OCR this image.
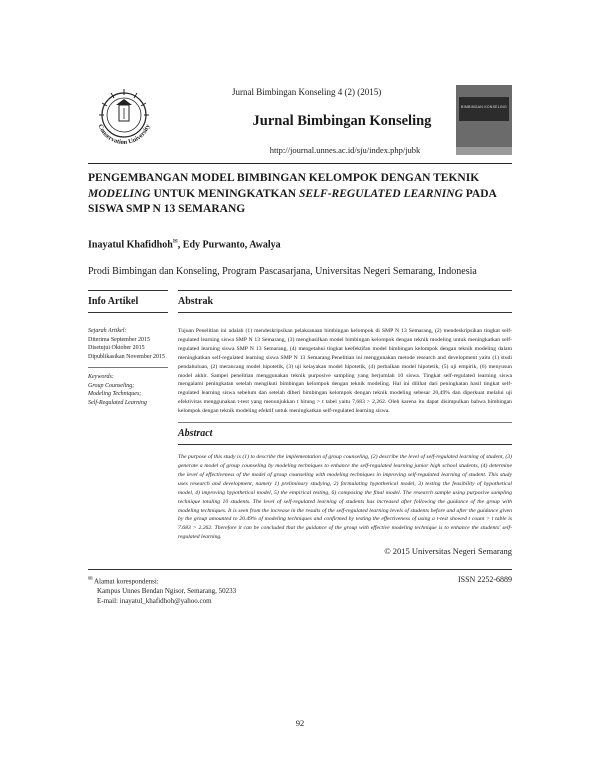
Conservation University
Jurnal Bimbingan Konseling 4 (2) (2015)
Jurnal Bimbingan Konseling
http://journal.unnes.ac.id/sju/index.php/jubk
BIMBINGAN KONSELING
PENGEMBANGAN MODEL BIMBINGAN KELOMPOK DENGAN TEKNIK MODELING UNTUK MENINGKATKAN SELF-REGULATED LEARNING PADA SISWA SMP N 13 SEMARANG
Inayatul Khafidhoh✉, Edy Purwanto, Awalya
Prodi Bimbingan dan Konseling, Program Pascasarjana, Universitas Negeri Semarang, Indonesia
Info Artikel
Sejarah Artikel:
Diterima September 2015
Disetujui Oktober 2015
Dipublikasikan November 2015
Keywords:
Group Counseling;
Modeling Techniques;
Self-Regulated Learning
Abstrak
Tujuan Penelitian ini adalah (1) mendeskripsikan pelaksanaan bimbingan kelompok di SMP N 13 Semarang, (2) mendeskripsikan tingkat self-regulated learning siswa SMP N 13 Semarang, (3) menghasilkan model bimbingan kelompok dengan teknik modeling untuk meningkatkan self-regulated learning siswa SMP N 13 Semarang, (4) mengetahui tingkat keefektifan model bimbingan kelompok dengan teknik modeling dalam meningkatkan self-regulated learning siswa SMP N 13 Semarang.Penelitian ini menggunakan metode research and development yaitu (1) studi pendahuluan, (2) merancang model hipotetik, (3) uji kelayakan model hipotetik, (4) perbaikan model hipotetik, (5) uji empirik, (6) menyusun model akhir. Sampel penelitian menggunakan teknik purposive sampling yang berjumlah 10 siswa. Tingkat self-regulated learning siswa mengalami peningkatan setelah mengikuti bimbingan kelompok dengan teknik modeling. Hal ini dilihat dari peningkatan hasil tingkat self-regulated learning siswa sebelum dan setelah diberi bimbingan kelompok dengan teknik modeling sebesar 20,49% dan diperkuat melalui uji efektivitas menggunakan t-test yang menunjukkan t hitung > t tabel yaitu 7,683 > 2,262. Oleh karena itu dapat disimpulkan bahwa bimbingan kelompok dengan teknik modeling efektif untuk meningkatkan self-regulated learning siswa.
Abstract
The purpose of this study is (1) to describe the implementation of group counseling, (2) describe the level of self-regulated learning of student, (3) generate a model of group counseling by modeling techniques to enhance the self-regulated learning junior high school students, (4) determine the level of effectiveness of the model of group counseling with modeling techniques in improving self-regulated learning of student. This study uses research and development, namely 1) preliminary studying, 2) formulating hypothetical model, 3) testing the feasibility of hypothetical model, 4) improving hypothetical model, 5) the empirical testing, 6) composing the final model. The research sample using purposive sampling technique totaling 10 students. The level of self-regulated learning of students has increased after following the guidance of the group with modeling techniques. It is seen from the increase in the results of the self-regulated learning levels of students before and after the guidance given by the group amounted to 20.49% of modeling techniques and confirmed by testing the effectiveness of using a t-test showed t count > t table is 7.683 > 2.262. Therefore it can be concluded that the guidance of the group with effective modeling technique is to enhance the students' self-regulated learning.
© 2015 Universitas Negeri Semarang
✉ Alamat korespondensi:
Kampus Unnes Bendan Ngisor, Semarang, 50233
E-mail: inayatul_khafidhoh@yahoo.com
ISSN 2252-6889
92
